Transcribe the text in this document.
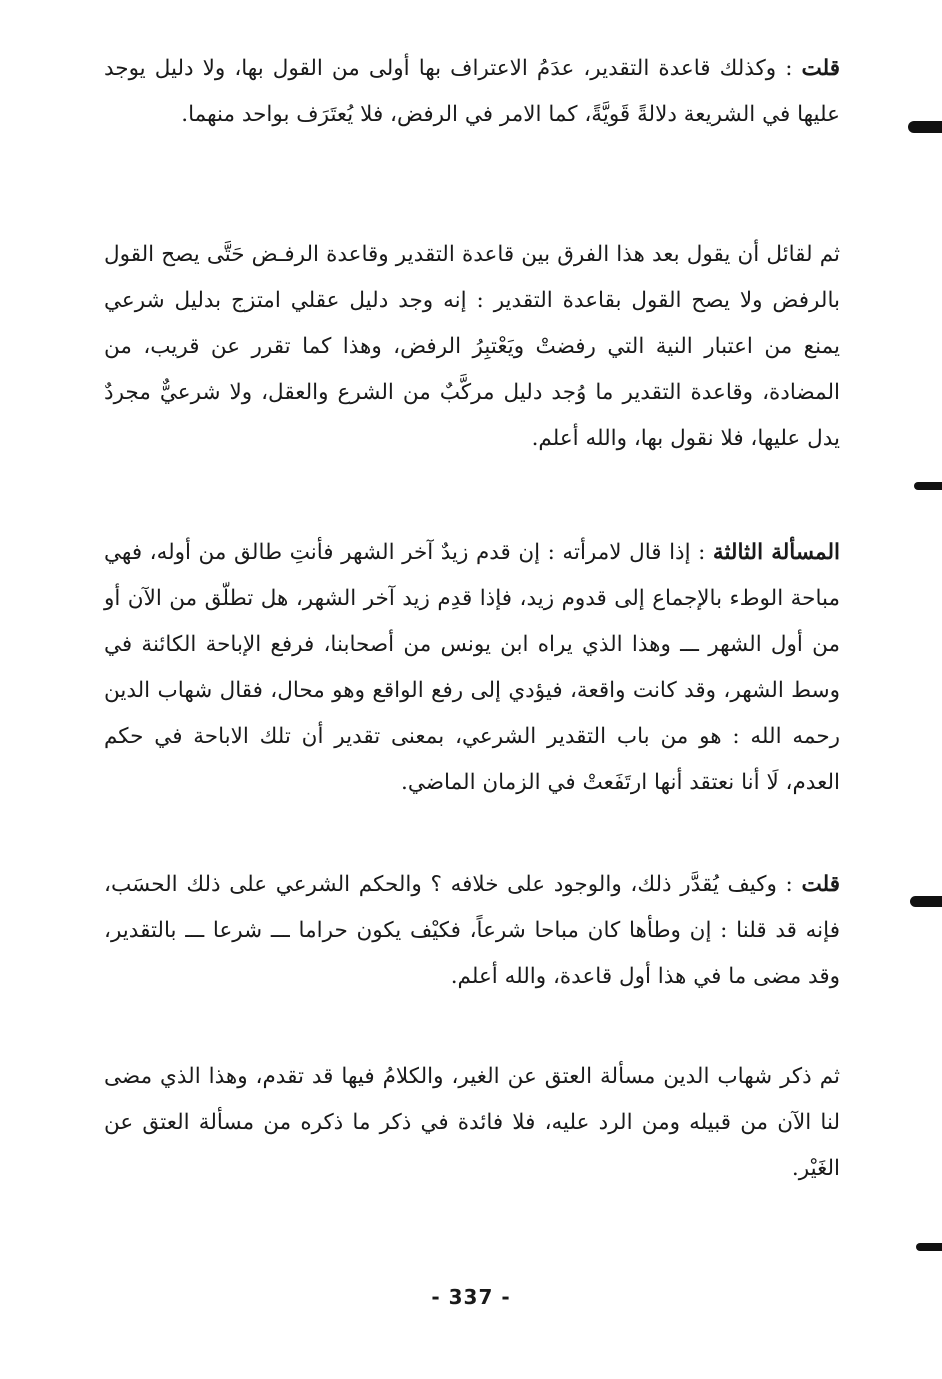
قلت : وكذلك قاعدة التقدير، عدَمُ الاعتراف بها أولى من القول بها، ولا دليل يوجد عليها في الشريعة دلالةً قَويَّةً، كما الامر في الرفض، فلا يُعتَرَف بواحد منهما.

ثم لقائل أن يقول بعد هذا الفرق بين قاعدة التقدير وقاعدة الرفـض حَتَّى يصح القول بالرفض ولا يصح القول بقاعدة التقدير : إنه وجد دليل عقلي امتزج بدليل شرعي يمنع من اعتبار النية التي رفضتْ ويَعْتبِرُ الرفض، وهذا كما تقرر عن قريب، من المضادة، وقاعدة التقدير ما وُجد دليل مركَّبٌ من الشرع والعقل، ولا شرعيٌّ مجردٌ يدل عليها، فلا نقول بها، والله أعلم.

المسألة الثالثة : إذا قال لامرأته : إن قدم زيدٌ آخر الشهر فأنتِ طالق من أوله، فهي مباحة الوطء بالإجماع إلى قدوم زيد، فإذا قدِم زيد آخر الشهر، هل تطلّق من الآن أو من أول الشهر ـــ وهذا الذي يراه ابن يونس من أصحابنا، فرفع الإباحة الكائنة في وسط الشهر، وقد كانت واقعة، فيؤدي إلى رفع الواقع وهو محال، فقال شهاب الدين رحمه الله : هو من باب التقدير الشرعي، بمعنى تقدير أن تلك الاباحة في حكم العدم، لَا أنا نعتقد أنها ارتَفَعتْ في الزمان الماضي.

قلت : وكيف يُقدَّر ذلك، والوجود على خلافه ؟ والحكم الشرعي على ذلك الحسَب، فإنه قد قلنا : إن وطأها كان مباحا شرعاً، فكيْف يكون حراما ـــ شرعا ـــ بالتقدير، وقد مضى ما في هذا أول قاعدة، والله أعلم.

ثم ذكر شهاب الدين مسألة العتق عن الغير، والكلامُ فيها قد تقدم، وهذا الذي مضى لنا الآن من قبيله ومن الرد عليه، فلا فائدة في ذكر ما ذكره من مسألة العتق عن الغَيْر.

- 337 -
